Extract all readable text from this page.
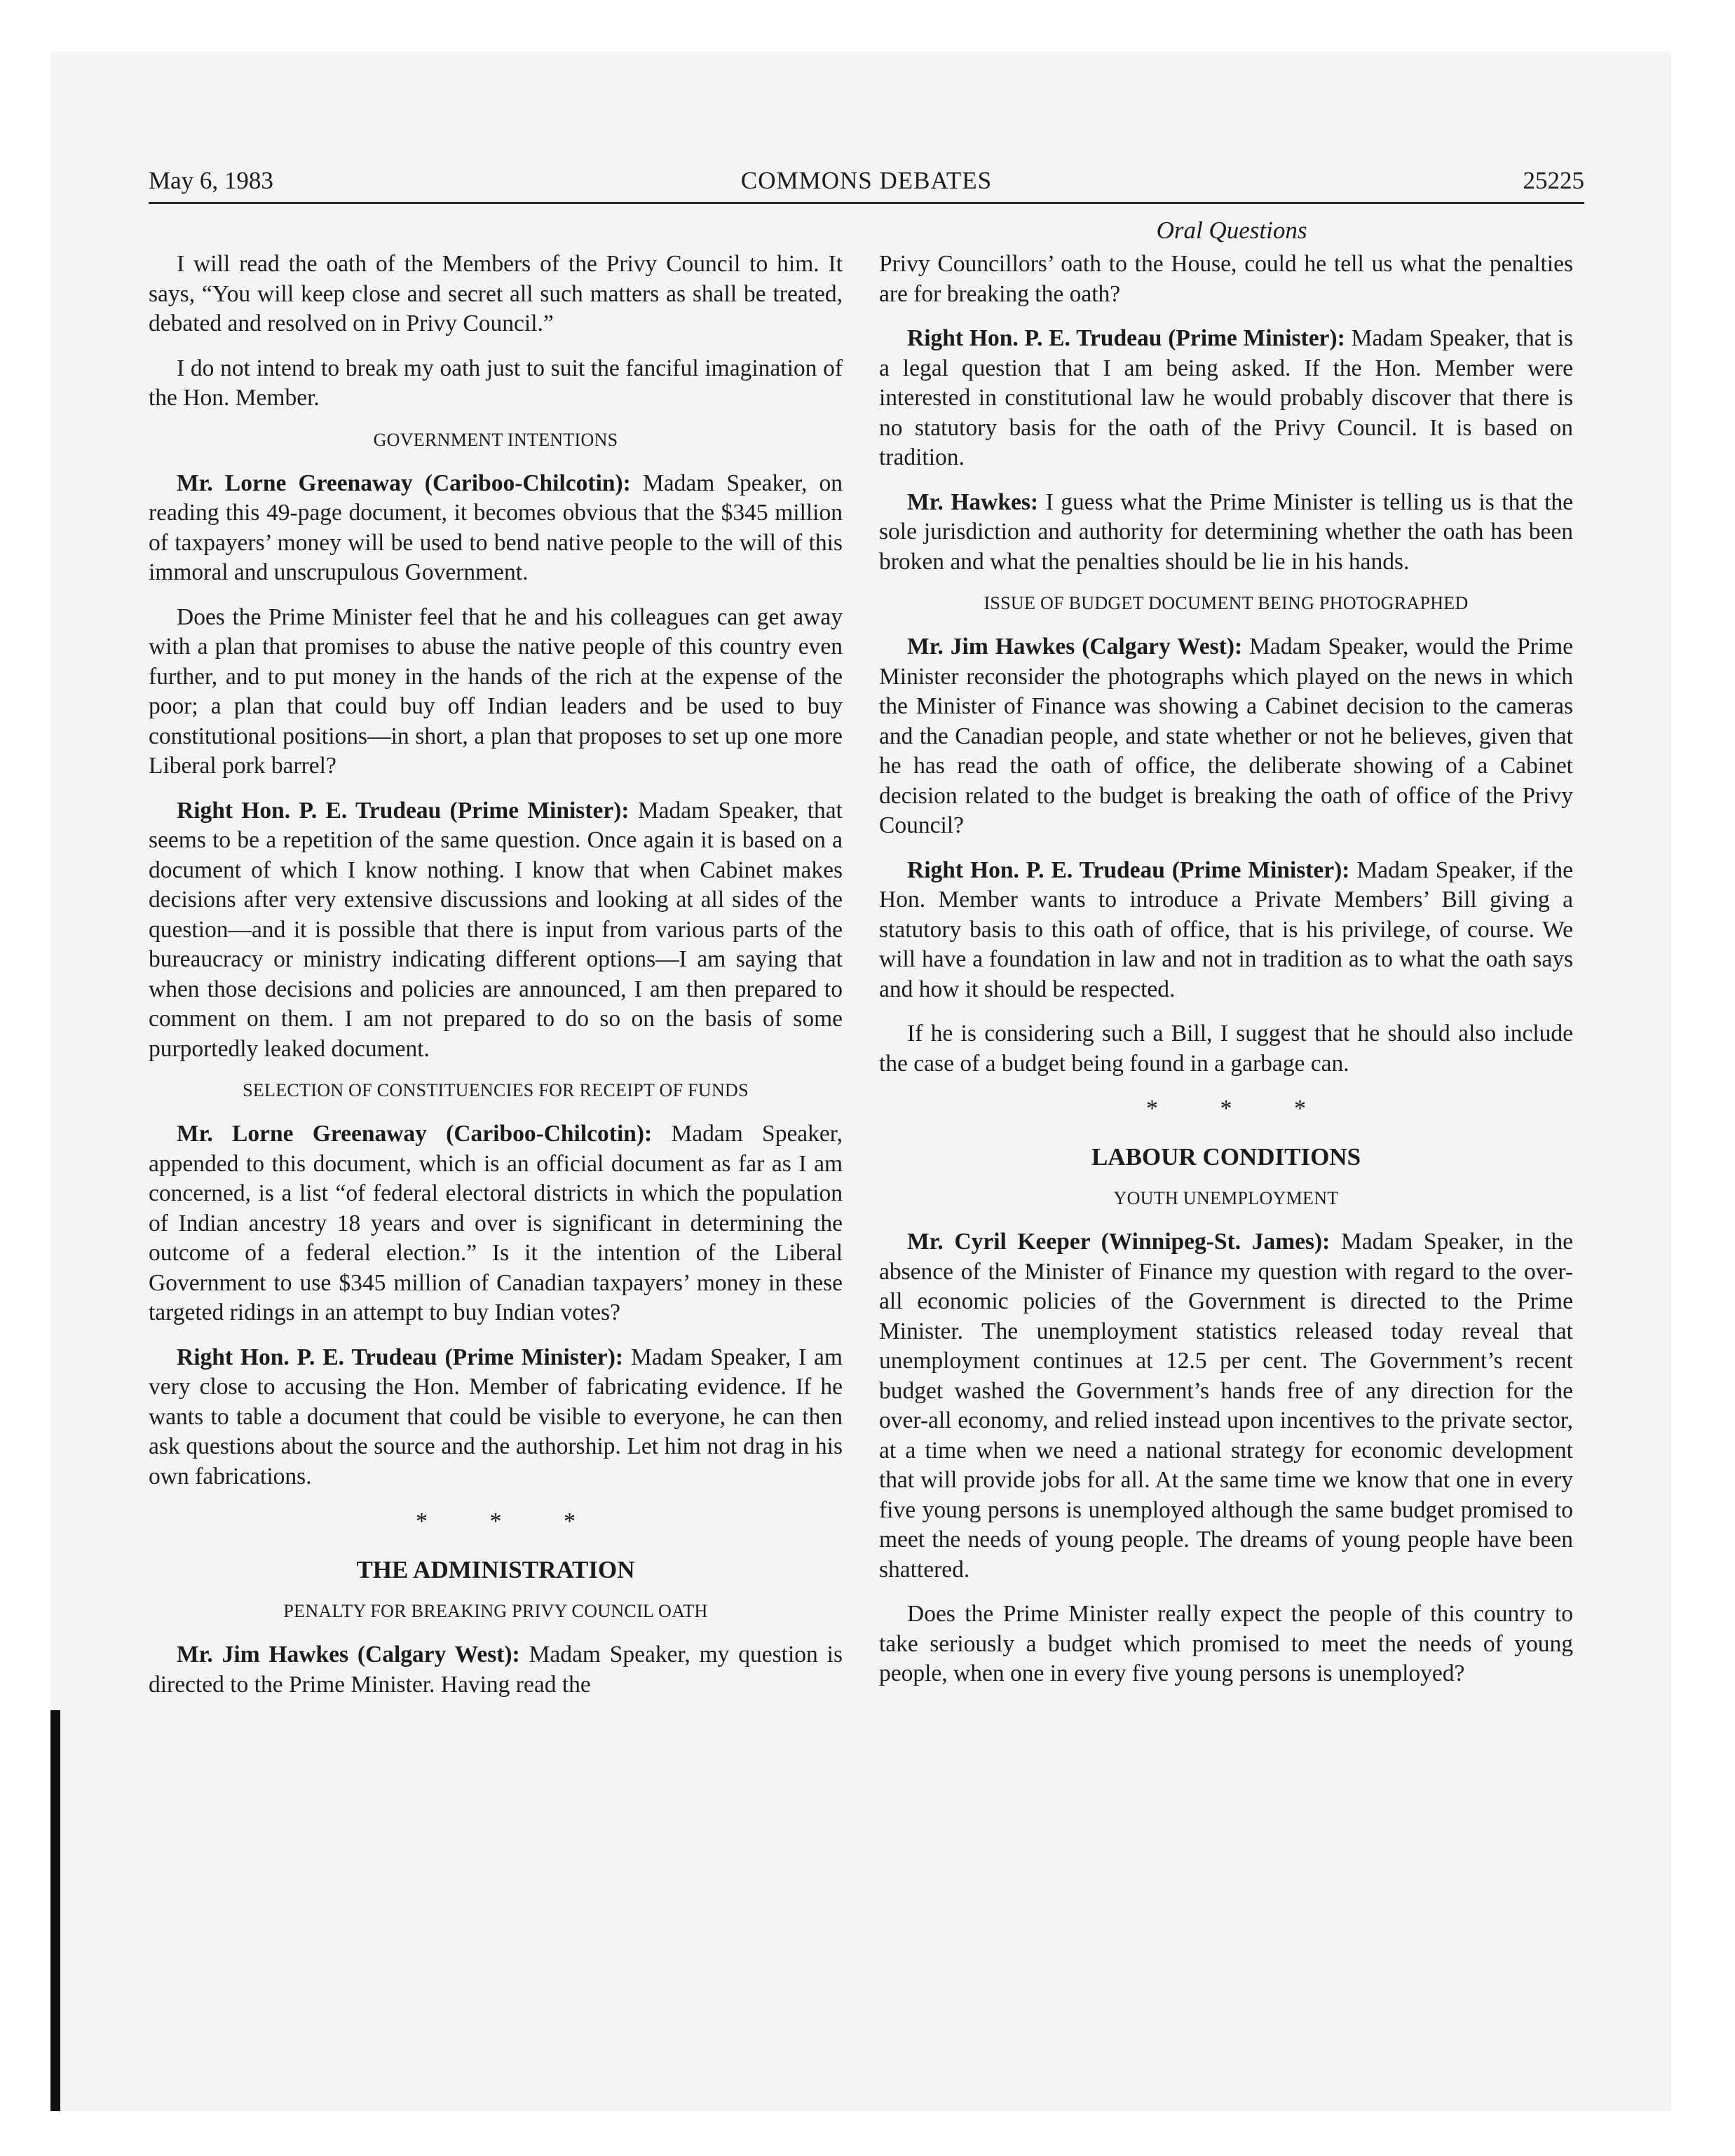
May 6, 1983	COMMONS DEBATES	25225
Oral Questions

I will read the oath of the Members of the Privy Council to him. It says, “You will keep close and secret all such matters as shall be treated, debated and resolved on in Privy Council.”

I do not intend to break my oath just to suit the fanciful imagination of the Hon. Member.

GOVERNMENT INTENTIONS

Mr. Lorne Greenaway (Cariboo-Chilcotin): Madam Speaker, on reading this 49-page document, it becomes obvious that the $345 million of taxpayers’ money will be used to bend native people to the will of this immoral and unscrupulous Government.

Does the Prime Minister feel that he and his colleagues can get away with a plan that promises to abuse the native people of this country even further, and to put money in the hands of the rich at the expense of the poor; a plan that could buy off Indian leaders and be used to buy constitutional positions—in short, a plan that proposes to set up one more Liberal pork barrel?

Right Hon. P. E. Trudeau (Prime Minister): Madam Speaker, that seems to be a repetition of the same question. Once again it is based on a document of which I know nothing. I know that when Cabinet makes decisions after very extensive discussions and looking at all sides of the question—and it is possible that there is input from various parts of the bureaucracy or ministry indicating different options—I am saying that when those decisions and policies are announced, I am then prepared to comment on them. I am not prepared to do so on the basis of some purportedly leaked document.

SELECTION OF CONSTITUENCIES FOR RECEIPT OF FUNDS

Mr. Lorne Greenaway (Cariboo-Chilcotin): Madam Speaker, appended to this document, which is an official document as far as I am concerned, is a list “of federal electoral districts in which the population of Indian ancestry 18 years and over is significant in determining the outcome of a federal election.” Is it the intention of the Liberal Government to use $345 million of Canadian taxpayers’ money in these targeted ridings in an attempt to buy Indian votes?

Right Hon. P. E. Trudeau (Prime Minister): Madam Speaker, I am very close to accusing the Hon. Member of fabricating evidence. If he wants to table a document that could be visible to everyone, he can then ask questions about the source and the authorship. Let him not drag in his own fabrications.

* * *
THE ADMINISTRATION
PENALTY FOR BREAKING PRIVY COUNCIL OATH

Mr. Jim Hawkes (Calgary West): Madam Speaker, my question is directed to the Prime Minister. Having read the

Privy Councillors’ oath to the House, could he tell us what the penalties are for breaking the oath?

Right Hon. P. E. Trudeau (Prime Minister): Madam Speaker, that is a legal question that I am being asked. If the Hon. Member were interested in constitutional law he would probably discover that there is no statutory basis for the oath of the Privy Council. It is based on tradition.

Mr. Hawkes: I guess what the Prime Minister is telling us is that the sole jurisdiction and authority for determining whether the oath has been broken and what the penalties should be lie in his hands.

ISSUE OF BUDGET DOCUMENT BEING PHOTOGRAPHED

Mr. Jim Hawkes (Calgary West): Madam Speaker, would the Prime Minister reconsider the photographs which played on the news in which the Minister of Finance was showing a Cabinet decision to the cameras and the Canadian people, and state whether or not he believes, given that he has read the oath of office, the deliberate showing of a Cabinet decision related to the budget is breaking the oath of office of the Privy Council?

Right Hon. P. E. Trudeau (Prime Minister): Madam Speaker, if the Hon. Member wants to introduce a Private Members’ Bill giving a statutory basis to this oath of office, that is his privilege, of course. We will have a foundation in law and not in tradition as to what the oath says and how it should be respected.

If he is considering such a Bill, I suggest that he should also include the case of a budget being found in a garbage can.

* * *
LABOUR CONDITIONS
YOUTH UNEMPLOYMENT

Mr. Cyril Keeper (Winnipeg-St. James): Madam Speaker, in the absence of the Minister of Finance my question with regard to the over-all economic policies of the Government is directed to the Prime Minister. The unemployment statistics released today reveal that unemployment continues at 12.5 per cent. The Government’s recent budget washed the Government’s hands free of any direction for the over-all economy, and relied instead upon incentives to the private sector, at a time when we need a national strategy for economic development that will provide jobs for all. At the same time we know that one in every five young persons is unemployed although the same budget promised to meet the needs of young people. The dreams of young people have been shattered.

Does the Prime Minister really expect the people of this country to take seriously a budget which promised to meet the needs of young people, when one in every five young persons is unemployed?
